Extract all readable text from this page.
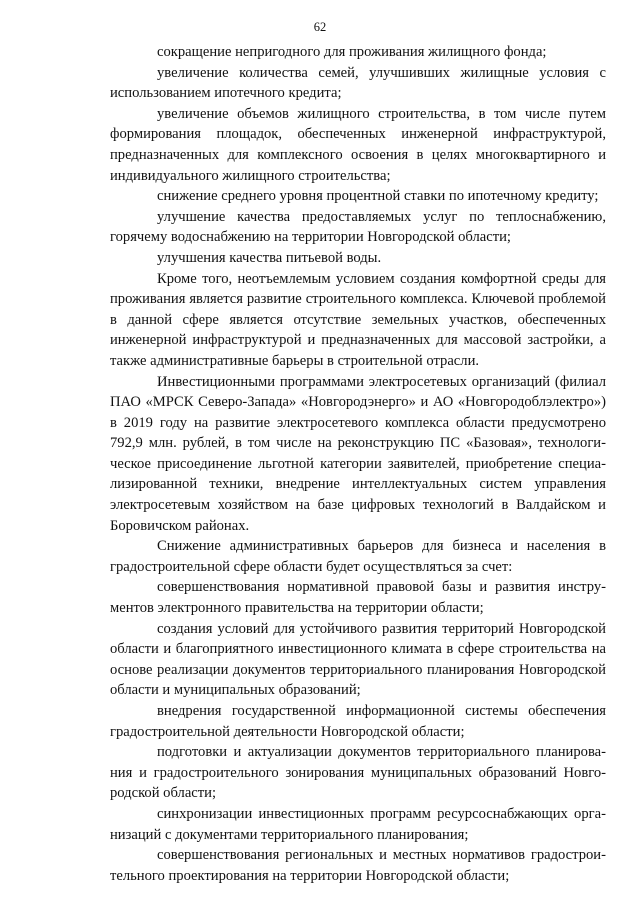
62

сокращение непригодного для проживания жилищного фонда;

увеличение количества семей, улучшивших жилищные условия с использованием ипотечного кредита;

увеличение объемов жилищного строительства, в том числе путем формирования площадок, обеспеченных инженерной инфраструктурой, предназначенных для комплексного освоения в целях многоквартирного и индивидуального жилищного строительства;

снижение среднего уровня процентной ставки по ипотечному кредиту;

улучшение качества предоставляемых услуг по теплоснабжению, горячему водоснабжению на территории Новгородской области;

улучшения качества питьевой воды.

Кроме того, неотъемлемым условием создания комфортной среды для проживания является развитие строительного комплекса. Ключевой проблемой в данной сфере является отсутствие земельных участков, обеспеченных инженерной инфраструктурой и предназначенных для массовой застройки, а также административные барьеры в строительной отрасли.

Инвестиционными программами электросетевых организаций (филиал ПАО «МРСК Северо-Запада» «Новгородэнерго» и АО «Новгородоблэлектро») в 2019 году на развитие электросетевого комплекса области предусмотрено 792,9 млн. рублей, в том числе на реконструкцию ПС «Базовая», технологическое присоединение льготной категории заявителей, приобретение специализированной техники, внедрение интеллектуальных систем управления электросетевым хозяйством на базе цифровых технологий в Валдайском и Боровичском районах.

Снижение административных барьеров для бизнеса и населения в градостроительной сфере области будет осуществляться за счет:

совершенствования нормативной правовой базы и развития инструментов электронного правительства на территории области;

создания условий для устойчивого развития территорий Новгородской области и благоприятного инвестиционного климата в сфере строительства на основе реализации документов территориального планирования Новгородской области и муниципальных образований;

внедрения государственной информационной системы обеспечения градостроительной деятельности Новгородской области;

подготовки и актуализации документов территориального планирования и градостроительного зонирования муниципальных образований Новгородской области;

синхронизации инвестиционных программ ресурсоснабжающих организаций с документами территориального планирования;

совершенствования региональных и местных нормативов градостроительного проектирования на территории Новгородской области;
